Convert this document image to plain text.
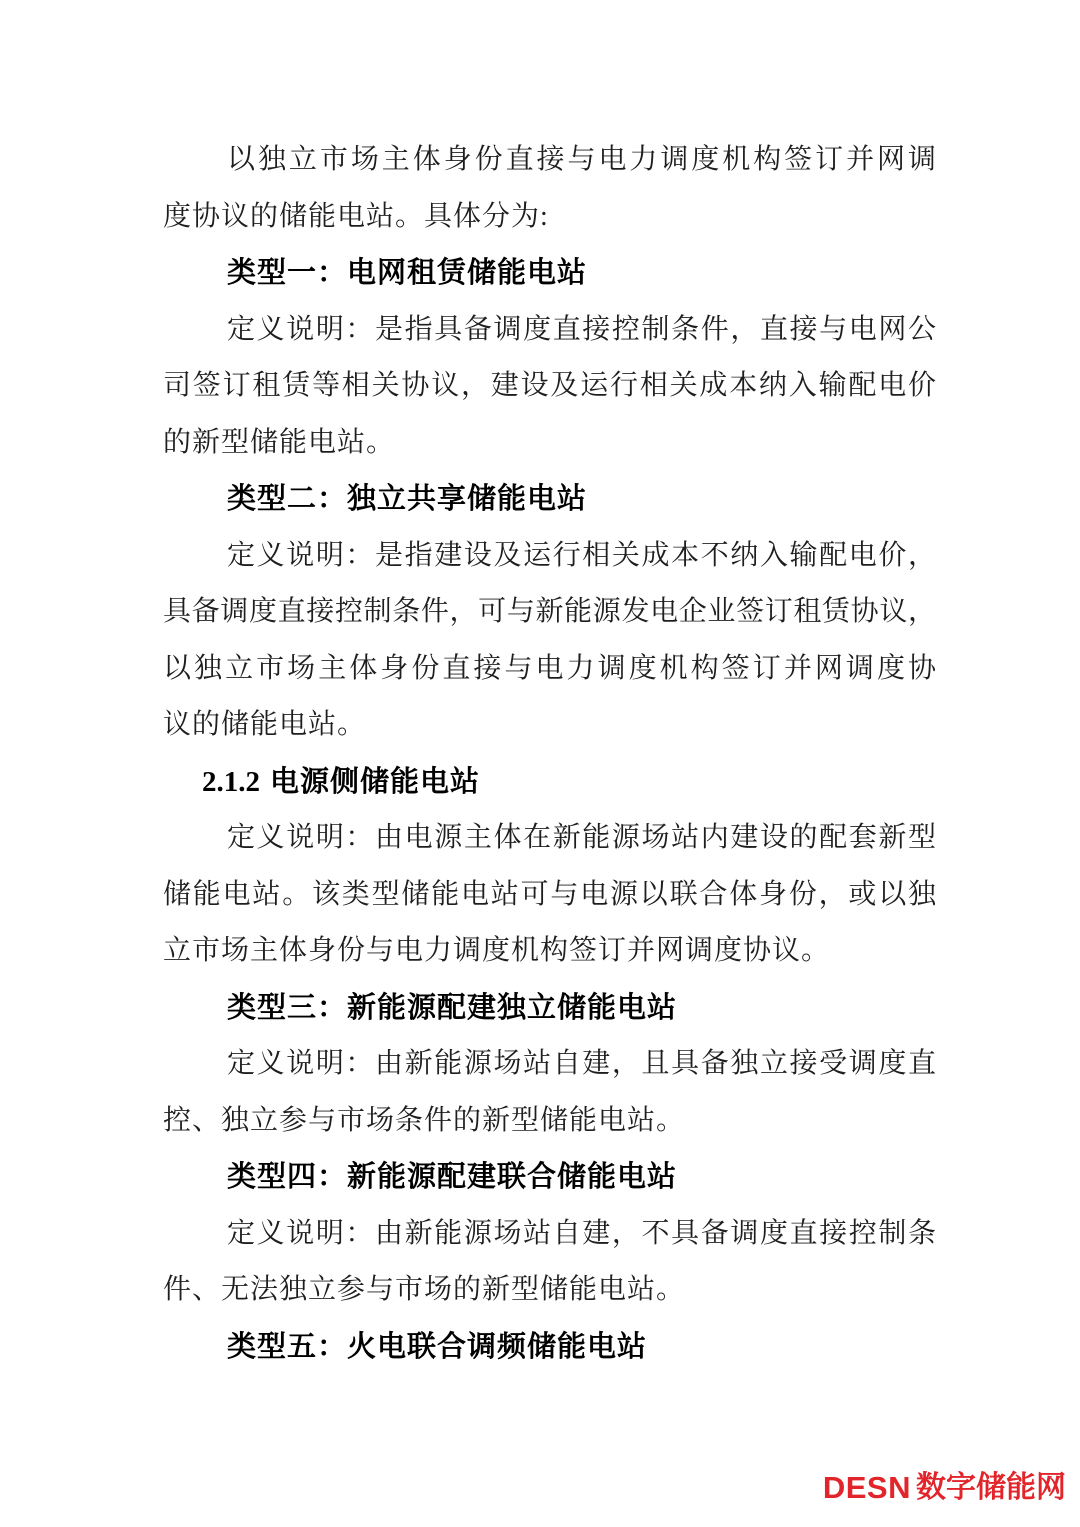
以独立市场主体身份直接与电力调度机构签订并网调
度协议的储能电站。具体分为:
类型一：电网租赁储能电站
定义说明：是指具备调度直接控制条件，直接与电网公
司签订租赁等相关协议，建设及运行相关成本纳入输配电价
的新型储能电站。
类型二：独立共享储能电站
定义说明：是指建设及运行相关成本不纳入输配电价，
具备调度直接控制条件，可与新能源发电企业签订租赁协议，
以独立市场主体身份直接与电力调度机构签订并网调度协
议的储能电站。
2.1.2 电源侧储能电站
定义说明：由电源主体在新能源场站内建设的配套新型
储能电站。该类型储能电站可与电源以联合体身份，或以独
立市场主体身份与电力调度机构签订并网调度协议。
类型三：新能源配建独立储能电站
定义说明：由新能源场站自建，且具备独立接受调度直
控、独立参与市场条件的新型储能电站。
类型四：新能源配建联合储能电站
定义说明：由新能源场站自建，不具备调度直接控制条
件、无法独立参与市场的新型储能电站。
类型五：火电联合调频储能电站
DESN 数字储能网
